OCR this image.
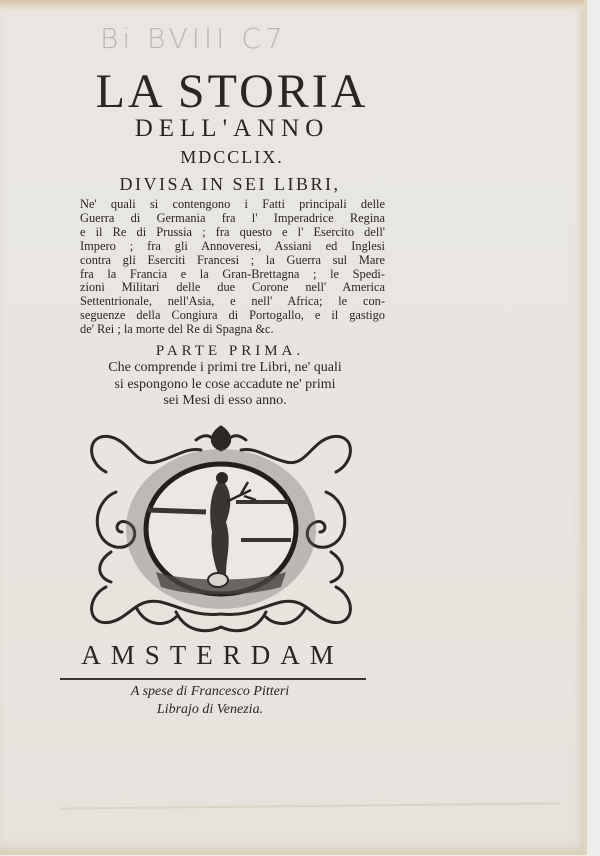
Bi BVIII C7
LA STORIA
DELL'ANNO
MDCCLIX.
DIVISA IN SEI LIBRI,
Ne' quali si contengono i Fatti principali delle
Guerra di Germania fra l' Imperadrice Regina
e il Re di Prussia ; fra questo e l' Esercito dell'
Impero ; fra gli Annoveresi, Assiani ed Inglesi
contra gli Eserciti Francesi ; la Guerra sul Mare
fra la Francia e la Gran-Brettagna ; le Spedi-
zioni Militari delle due Corone nell' America
Settentrionale, nell'Asia, e nell' Africa; le con-
seguenze della Congiura di Portogallo, e il gastigo
de' Rei ; la morte del Re di Spagna &c.
PARTE PRIMA.
Che comprende i primi tre Libri, ne' quali
si espongono le cose accadute ne' primi
sei Mesi di esso anno.
AMSTERDAM
A spese di Francesco Pitteri
Librajo di Venezia.
